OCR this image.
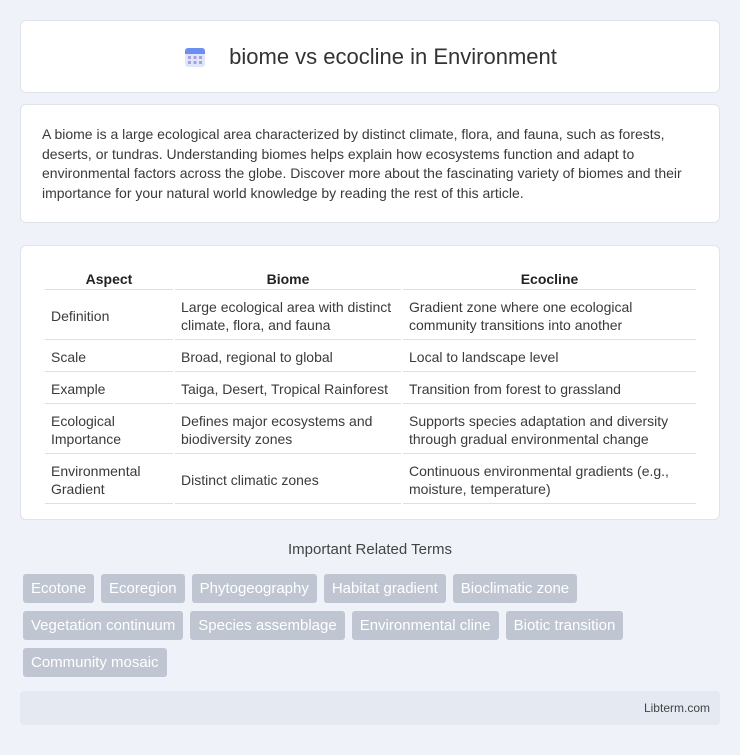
biome vs ecocline in Environment

A biome is a large ecological area characterized by distinct climate, flora, and fauna, such as forests, deserts, or tundras. Understanding biomes helps explain how ecosystems function and adapt to environmental factors across the globe. Discover more about the fascinating variety of biomes and their importance for your natural world knowledge by reading the rest of this article.

Aspect	Biome	Ecocline
Definition	Large ecological area with distinct climate, flora, and fauna	Gradient zone where one ecological community transitions into another
Scale	Broad, regional to global	Local to landscape level
Example	Taiga, Desert, Tropical Rainforest	Transition from forest to grassland
Ecological Importance	Defines major ecosystems and biodiversity zones	Supports species adaptation and diversity through gradual environmental change
Environmental Gradient	Distinct climatic zones	Continuous environmental gradients (e.g., moisture, temperature)
Important Related Terms
Ecotone	Ecoregion	Phytogeography	Habitat gradient	Bioclimatic zone
Vegetation continuum	Species assemblage	Environmental cline	Biotic transition
Community mosaic
Libterm.com
